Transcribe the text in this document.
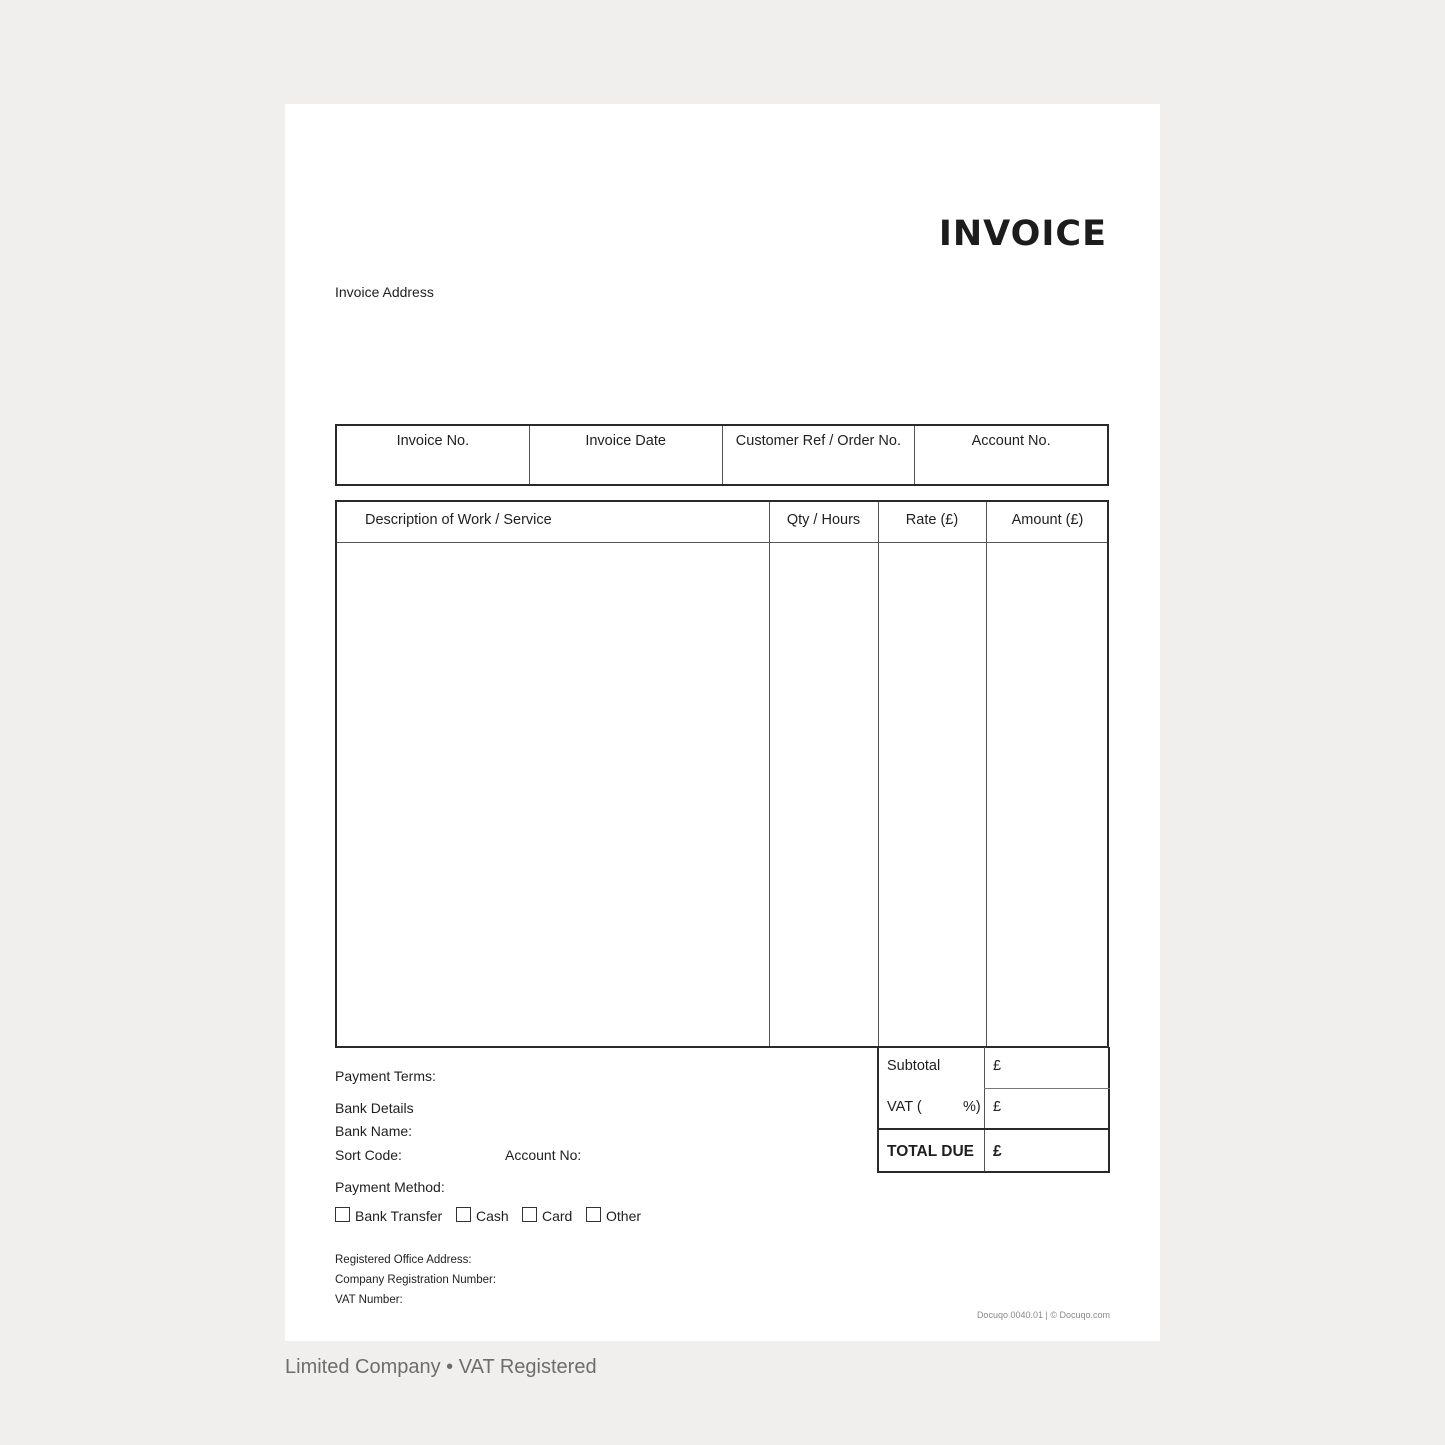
INVOICE
Invoice Address
Invoice No.	Invoice Date	Customer Ref / Order No.	Account No.
Description of Work / Service	Qty / Hours	Rate (£)	Amount (£)
Subtotal	£
VAT (	%) £
TOTAL DUE £
Payment Terms:
Bank Details
Bank Name:
Sort Code:	Account No:
Payment Method:
Bank Transfer	Cash	Card	Other
Registered Office Address:
Company Registration Number:
VAT Number:
Docuqo 0040.01 | © Docuqo.com
Limited Company • VAT Registered
